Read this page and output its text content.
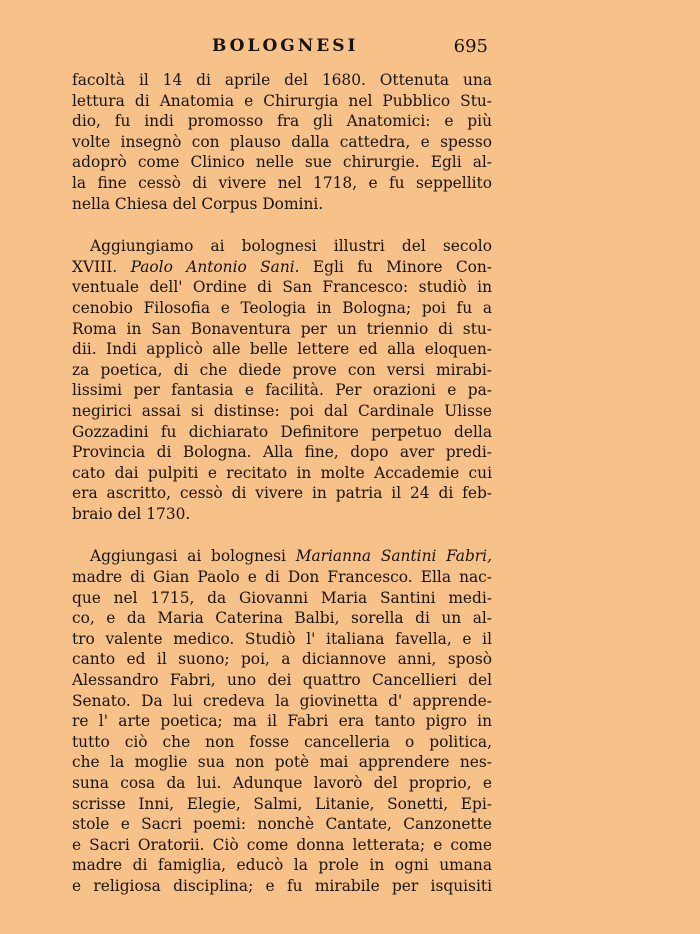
BOLOGNESI	695
facoltà il 14 di aprile del 1680. Ottenuta una
lettura di Anatomia e Chirurgia nel Pubblico Stu-
dio, fu indi promosso fra gli Anatomici: e più
volte insegnò con plauso dalla cattedra, e spesso
adoprò come Clinico nelle sue chirurgie. Egli al-
la fine cessò di vivere nel 1718, e fu seppellito
nella Chiesa del Corpus Domini.
Aggiungiamo ai bolognesi illustri del secolo
XVIII. Paolo Antonio Sani. Egli fu Minore Con-
ventuale dell' Ordine di San Francesco: studiò in
cenobio Filosofia e Teologia in Bologna; poi fu a
Roma in San Bonaventura per un triennio di stu-
dii. Indi applicò alle belle lettere ed alla eloquen-
za poetica, di che diede prove con versi mirabi-
lissimi per fantasia e facilità. Per orazioni e pa-
negirici assai si distinse: poi dal Cardinale Ulisse
Gozzadini fu dichiarato Definitore perpetuo della
Provincia di Bologna. Alla fine, dopo aver predi-
cato dai pulpiti e recitato in molte Accademie cui
era ascritto, cessò di vivere in patria il 24 di feb-
braio del 1730.
Aggiungasi ai bolognesi Marianna Santini Fabri,
madre di Gian Paolo e di Don Francesco. Ella nac-
que nel 1715, da Giovanni Maria Santini medi-
co, e da Maria Caterina Balbi, sorella di un al-
tro valente medico. Studiò l' italiana favella, e il
canto ed il suono; poi, a diciannove anni, sposò
Alessandro Fabri, uno dei quattro Cancellieri del
Senato. Da lui credeva la giovinetta d' apprende-
re l' arte poetica; ma il Fabri era tanto pigro in
tutto ciò che non fosse cancelleria o politica,
che la moglie sua non potè mai apprendere nes-
suna cosa da lui. Adunque lavorò del proprio, e
scrisse Inni, Elegie, Salmi, Litanie, Sonetti, Epi-
stole e Sacri poemi: nonchè Cantate, Canzonette
e Sacri Oratorii. Ciò come donna letterata; e come
madre di famiglia, educò la prole in ogni umana
e religiosa disciplina; e fu mirabile per isquisiti
